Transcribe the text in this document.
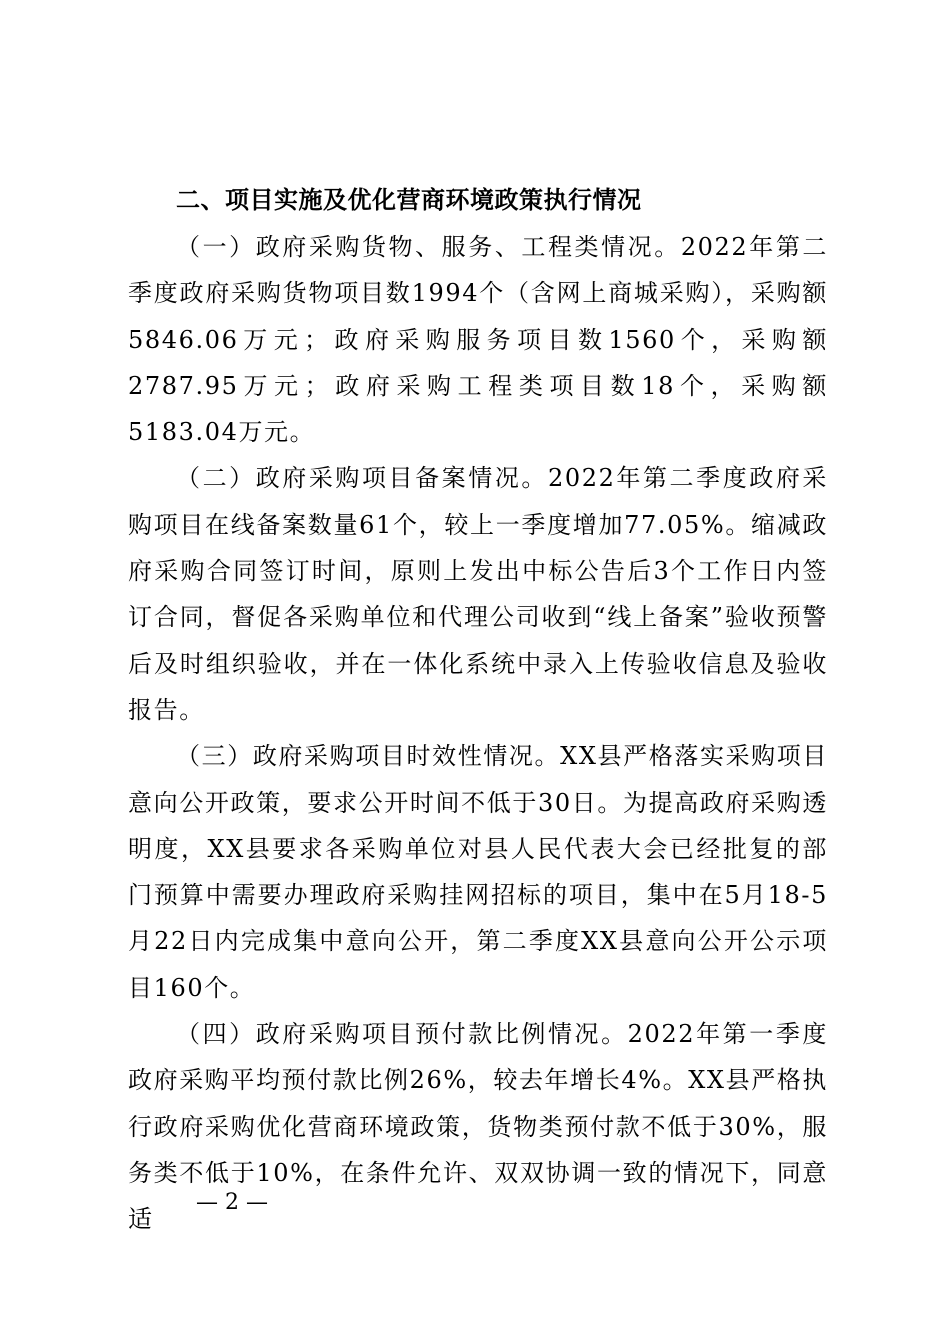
二、项目实施及优化营商环境政策执行情况

（一）政府采购货物、服务、工程类情况。2022年第二季度政府采购货物项目数1994个（含网上商城采购），采购额5846.06万元；政府采购服务项目数1560个，采购额2787.95万元；政府采购工程类项目数18个，采购额5183.04万元。

（二）政府采购项目备案情况。2022年第二季度政府采购项目在线备案数量61个，较上一季度增加77.05%。缩减政府采购合同签订时间，原则上发出中标公告后3个工作日内签订合同，督促各采购单位和代理公司收到“线上备案”验收预警后及时组织验收，并在一体化系统中录入上传验收信息及验收报告。

（三）政府采购项目时效性情况。XX县严格落实采购项目意向公开政策，要求公开时间不低于30日。为提高政府采购透明度，XX县要求各采购单位对县人民代表大会已经批复的部门预算中需要办理政府采购挂网招标的项目，集中在5月18-5月22日内完成集中意向公开，第二季度XX县意向公开公示项目160个。

（四）政府采购项目预付款比例情况。2022年第一季度政府采购平均预付款比例26%，较去年增长4%。XX县严格执行政府采购优化营商环境政策，货物类预付款不低于30%，服务类不低于10%，在条件允许、双双协调一致的情况下，同意适

— 2 —
